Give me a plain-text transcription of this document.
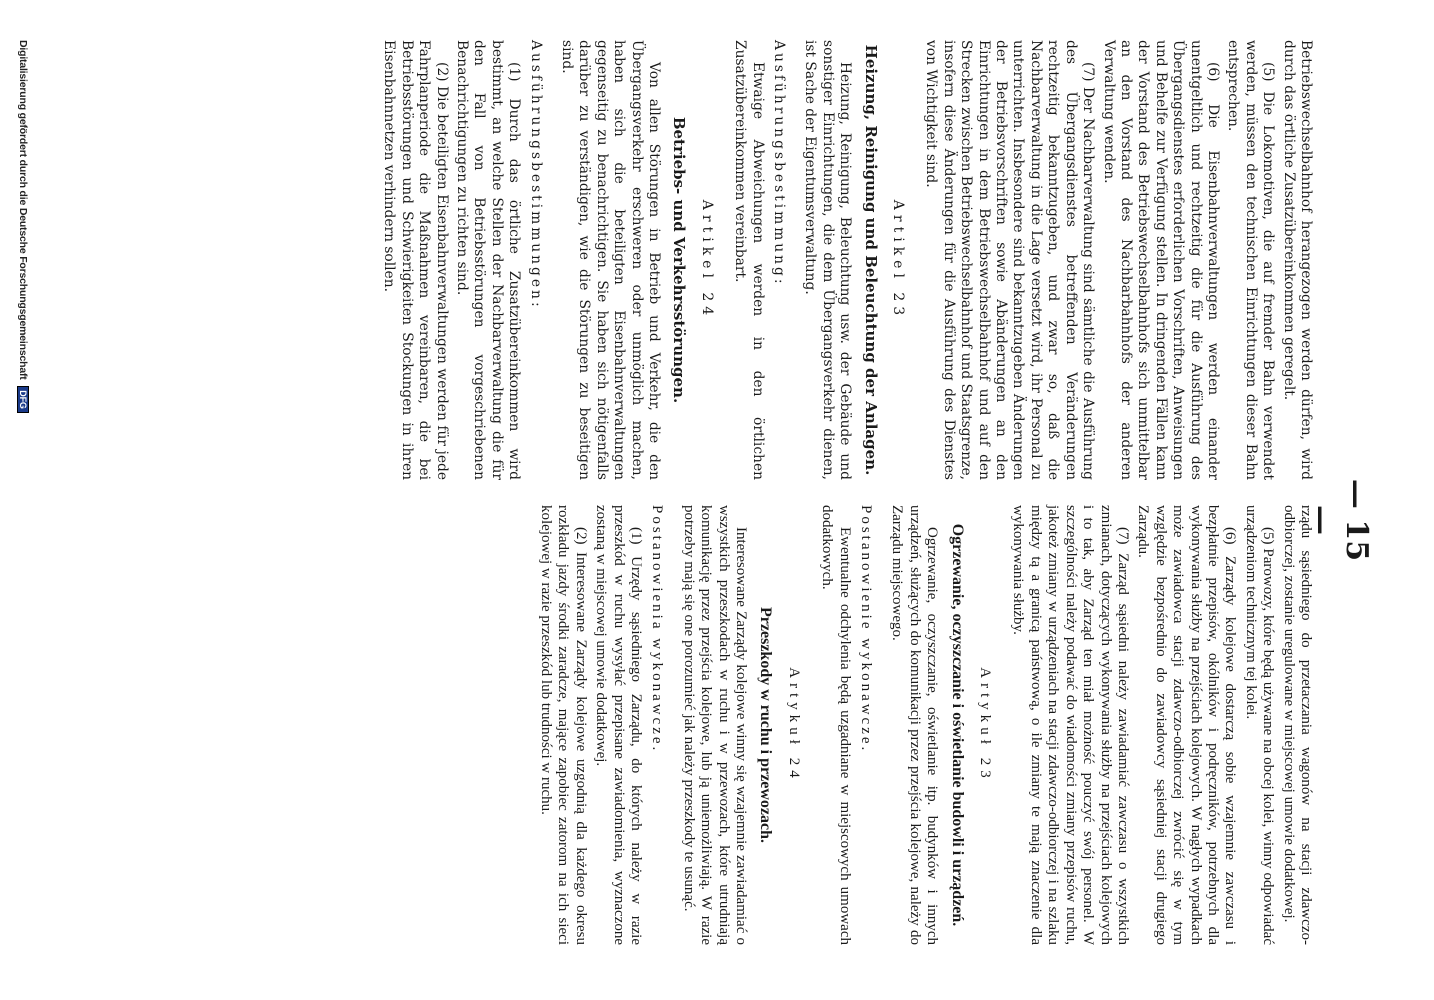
— 15 —

Betriebswechselbahnhof herangezogen werden dürfen, wird durch das örtliche Zusatzübereinkommen geregelt.

(5) Die Lokomotiven, die auf fremder Bahn verwendet werden, müssen den technischen Einrichtungen dieser Bahn entsprechen.

(6) Die Eisenbahnverwaltungen werden einander unentgeltlich und rechtzeitig die für die Ausführung des Übergangsdienstes erforderlichen Vorschriften, Anweisungen und Behelfe zur Verfügung stellen. In dringenden Fällen kann der Vorstand des Betriebswechselbahnhofs sich unmittelbar an den Vorstand des Nachbarbahnhofs der anderen Verwaltung wenden.

(7) Der Nachbarverwaltung sind sämtliche die Ausführung des Übergangsdienstes betreffenden Veränderungen rechtzeitig bekanntzugeben, und zwar so, daß die Nachbarverwaltung in die Lage versetzt wird, ihr Personal zu unterrichten. Insbesondere sind bekanntzugeben Änderungen der Betriebsvorschriften sowie Abänderungen an den Einrichtungen in dem Betriebswechselbahnhof und auf den Strecken zwischen Betriebswechselbahnhof und Staatsgrenze, insofern diese Änderungen für die Ausführung des Dienstes von Wichtigkeit sind.

Artikel 23
Heizung, Reinigung und Beleuchtung der Anlagen.

Heizung, Reinigung, Beleuchtung usw. der Gebäude und sonstiger Einrichtungen, die dem Übergangsverkehr dienen, ist Sache der Eigentumsverwaltung.

Ausführungsbestimmung:

Etwaige Abweichungen werden in den örtlichen Zusatzübereinkommen vereinbart.

Artikel 24
Betriebs- und Verkehrsstörungen.

Von allen Störungen in Betrieb und Verkehr, die den Übergangsverkehr erschweren oder unmöglich machen, haben sich die beteiligten Eisenbahnverwaltungen gegenseitig zu benachrichtigen. Sie haben sich nötigenfalls darüber zu verständigen, wie die Störungen zu beseitigen sind.

Ausführungsbestimmungen:

(1) Durch das örtliche Zusatzübereinkommen wird bestimmt, an welche Stellen der Nachbarverwaltung die für den Fall von Betriebsstörungen vorgeschriebenen Benachrichtigungen zu richten sind.

(2) Die beteiligten Eisenbahnverwaltungen werden für jede Fahrplanperiode die Maßnahmen vereinbaren, die bei Betriebsstörungen und Schwierigkeiten Stockungen in ihren Eisenbahnnetzen verhindern sollen.

rządu sąsiedniego do przetaczania wagonów na stacji zdawczo-odbiorczej, zostanie uregulowane w miejscowej umowie dodatkowej.

(5) Parowozy, które będą używane na obcej kolei, winny odpowiadać urządzeniom technicznym tej kolei.

(6) Zarządy kolejowe dostarczą sobie wzajemnie zawczasu i bezpłatnie przepisów, okólników i podręczników, potrzebnych dla wykonywania służby na przejściach kolejowych. W nagłych wypadkach może zawiadowca stacji zdawczo-odbiorczej zwrócić się w tym względzie bezpośrednio do zawiadowcy sąsiedniej stacji drugiego Zarządu.

(7) Zarząd sąsiedni należy zawiadamiać zawczasu o wszystkich zmianach, dotyczących wykonywania służby na przejściach kolejowych i to tak, aby Zarząd ten miał możność pouczyć swój personel. W szczególności należy podawać do wiadomości zmiany przepisów ruchu, jakoteż zmiany w urządzeniach na stacji zdawczo-odbiorczej i na szlaku między tą a granicą państwową, o ile zmiany te mają znaczenie dla wykonywania służby.

Artykuł 23
Ogrzewanie, oczyszczanie i oświetlanie budowli i urządzeń.

Ogrzewanie, oczyszczanie, oświetlanie itp. budynków i innych urządzeń, służących do komunikacji przez przejścia kolejowe, należy do Zarządu miejscowego.

Postanowienie wykonawcze.

Ewentualne odchylenia będą uzgadniane w miejscowych umowach dodatkowych.

Artykuł 24
Przeszkody w ruchu i przewozach.

Interesowane Zarządy kolejowe winny się wzajemnie zawiadamiać o wszystkich przeszkodach w ruchu i w przewozach, które utrudniają komunikację przez przejścia kolejowe, lub ją uniemożliwiają. W razie potrzeby mają się one porozumieć jak należy przeszkody te usunąć.

Postanowienia wykonawcze.

(1) Urzędy sąsiedniego Zarządu, do których należy w razie przeszkód w ruchu wysyłać przepisane zawiadomienia, wyznaczone zostaną w miejscowej umowie dodatkowej.

(2) Interesowane Zarządy kolejowe uzgodnią dla każdego okresu rozkładu jazdy środki zaradcze, mające zapobiec zatorom na ich sieci kolejowej w razie przeszkód lub trudności w ruchu.

Digitalisierung gefördert durch die Deutsche Forschungsgemeinschaft DFG
